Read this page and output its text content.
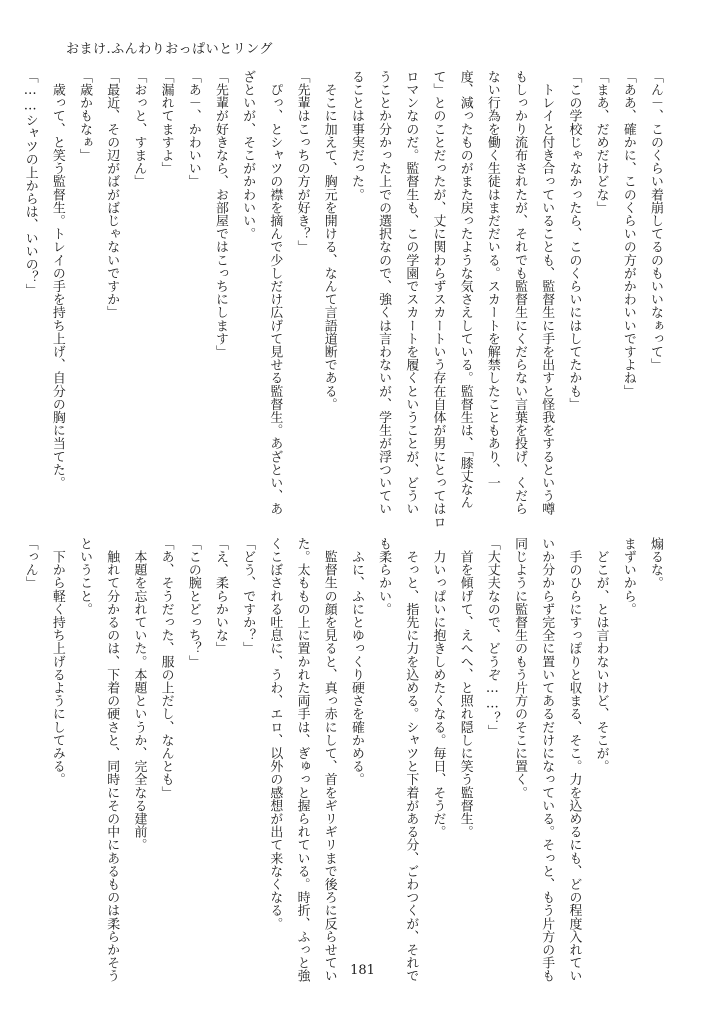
おまけ.ふんわりおっぱいとリング
「ん－、このくらい着崩してるのもいいなぁって」
「ああ、確かに、このくらいの方がかわいいですよね」
「まあ、だめだけどな」
「この学校じゃなかったら、このくらいにはしてたかも」
　トレイと付き合っていることも、監督生に手を出すと怪我をするという噂
もしっかり流布されたが、それでも監督生にくだらない言葉を投げ、くだら
ない行為を働く生徒はまだだいる。スカートを解禁したこともあり、一
度、減ったものがまた戻ったような気さえしている。監督生は、「膝丈なん
て」とのことだったが、丈に関わらずスカートいう存在自体が男にとってはロ
ロマンなのだ。監督生も、この学園でスカートを履くということが、どうい
うことか分かった上での選択なので、強くは言わないが、学生が浮ついてい
ることは事実だった。
　そこに加えて、胸元を開ける、なんて言語道断である。
「先輩はこっちの方が好き？」
　ぴっ、とシャツの襟を摘んで少しだけ広げて見せる監督生。あざとい、あ
ざといが、そこがかわいい。
「先輩が好きなら、お部屋ではこっちにします」
「あ－、かわいい」
「漏れてますよ」
「おっと、すまん」
「最近、その辺がばがばじゃないですか」
「歳かもなぁ」
　歳って、と笑う監督生。トレイの手を持ち上げ、自分の胸に当てた。
「……シャツの上からは、いいの？」
煽るな。
まずいから。
　どこが、とは言わないけど、そこが。
　手のひらにすっぽりと収まる、そこ。力を込めるにも、どの程度入れてい
いか分からず完全に置いてあるだけになっている。そっと、もう片方の手も
同じように監督生のもう片方のそこに置く。
「大丈夫なので、どうぞ……？」
　首を傾げて、えへへ、と照れ隠しに笑う監督生。
　力いっぱいに抱きしめたくなる。毎日、そうだ。
　そっと、指先に力を込める。シャツと下着がある分、ごわつくが、それで
も柔らかい。
　ふに、ふにとゆっくり硬さを確かめる。
　監督生の顔を見ると、真っ赤にして、首をギリギリまで後ろに反らせてい
た。太ももの上に置かれた両手は、ぎゅっと握られている。時折、ふっと強
くこぼされる吐息に、うわ、エロ、以外の感想が出て来なくなる。
「どう、ですか？」
「え、柔らかいな」
「この腕とどっち？」
「あ、そうだった、服の上だし、なんとも」
　本題を忘れていた。本題というか、完全なる建前。
　触れて分かるのは、下着の硬さと、同時にその中にあるものは柔らかそう
ということ。
　下から軽く持ち上げるようにしてみる。
「っん」
181
